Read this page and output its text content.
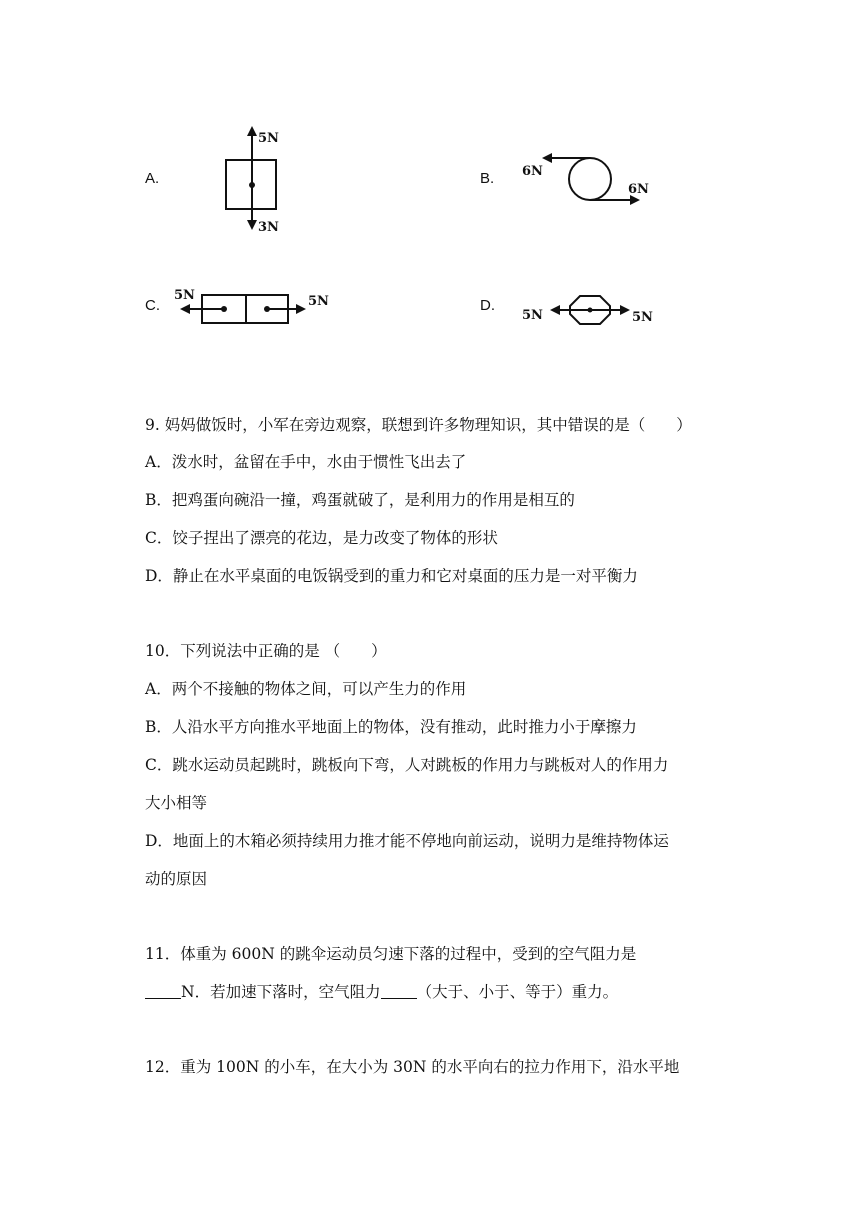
A.
5N
3N
B. 6N
6N
C.
5N	5N	D.
5N	5N
9. 妈妈做饭时，小军在旁边观察，联想到许多物理知识，其中错误的是（　　）
A．泼水时，盆留在手中，水由于惯性飞出去了
B．把鸡蛋向碗沿一撞，鸡蛋就破了，是利用力的作用是相互的
C．饺子捏出了漂亮的花边，是力改变了物体的形状
D．静止在水平桌面的电饭锅受到的重力和它对桌面的压力是一对平衡力
10．下列说法中正确的是 （　　）
A．两个不接触的物体之间，可以产生力的作用
B．人沿水平方向推水平地面上的物体，没有推动，此时推力小于摩擦力
C．跳水运动员起跳时，跳板向下弯，人对跳板的作用力与跳板对人的作用力
大小相等
D．地面上的木箱必须持续用力推才能不停地向前运动，说明力是维持物体运
动的原因
11．体重为 600N 的跳伞运动员匀速下落的过程中，受到的空气阻力是
N．若加速下落时，空气阻力 （大于、小于、等于）重力。
12．重为 100N 的小车，在大小为 30N 的水平向右的拉力作用下，沿水平地
